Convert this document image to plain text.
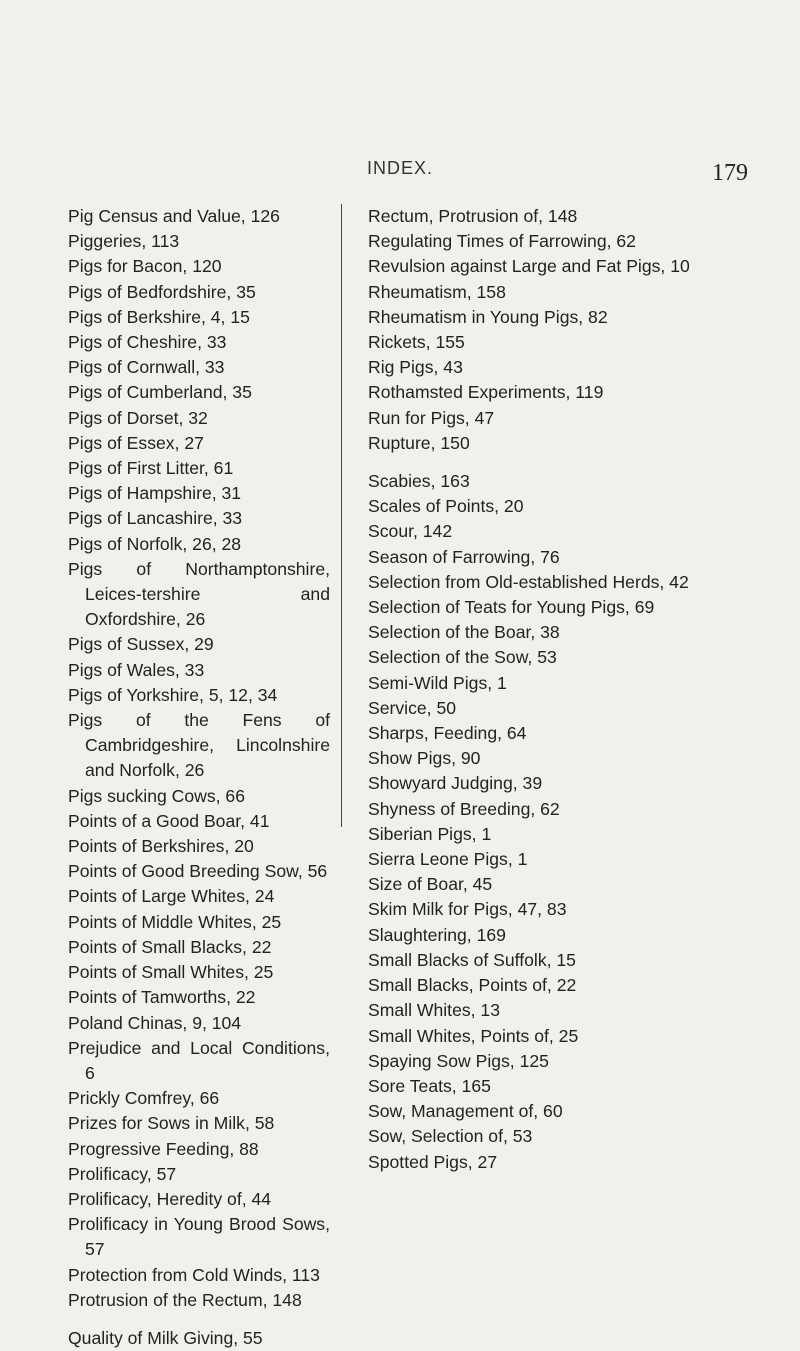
INDEX.	179
Pig Census and Value, 126
Piggeries, 113
Pigs for Bacon, 120
Pigs of Bedfordshire, 35
Pigs of Berkshire, 4, 15
Pigs of Cheshire, 33
Pigs of Cornwall, 33
Pigs of Cumberland, 35
Pigs of Dorset, 32
Pigs of Essex, 27
Pigs of First Litter, 61
Pigs of Hampshire, 31
Pigs of Lancashire, 33
Pigs of Norfolk, 26, 28
Pigs of Northamptonshire, Leices-tershire and Oxfordshire, 26
Pigs of Sussex, 29
Pigs of Wales, 33
Pigs of Yorkshire, 5, 12, 34
Pigs of the Fens of Cambridgeshire, Lincolnshire and Norfolk, 26
Pigs sucking Cows, 66
Points of a Good Boar, 41
Points of Berkshires, 20
Points of Good Breeding Sow, 56
Points of Large Whites, 24
Points of Middle Whites, 25
Points of Small Blacks, 22
Points of Small Whites, 25
Points of Tamworths, 22
Poland Chinas, 9, 104
Prejudice and Local Conditions, 6
Prickly Comfrey, 66
Prizes for Sows in Milk, 58
Progressive Feeding, 88
Prolificacy, 57
Prolificacy, Heredity of, 44
Prolificacy in Young Brood Sows, 57
Protection from Cold Winds, 113
Protrusion of the Rectum, 148
Quality of Milk Giving, 55
Rectum, Protrusion of, 148
Regulating Times of Farrowing, 62
Revulsion against Large and Fat Pigs, 10
Rheumatism, 158
Rheumatism in Young Pigs, 82
Rickets, 155
Rig Pigs, 43
Rothamsted Experiments, 119
Run for Pigs, 47
Rupture, 150
Scabies, 163
Scales of Points, 20
Scour, 142
Season of Farrowing, 76
Selection from Old-established Herds, 42
Selection of Teats for Young Pigs, 69
Selection of the Boar, 38
Selection of the Sow, 53
Semi-Wild Pigs, 1
Service, 50
Sharps, Feeding, 64
Show Pigs, 90
Showyard Judging, 39
Shyness of Breeding, 62
Siberian Pigs, 1
Sierra Leone Pigs, 1
Size of Boar, 45
Skim Milk for Pigs, 47, 83
Slaughtering, 169
Small Blacks of Suffolk, 15
Small Blacks, Points of, 22
Small Whites, 13
Small Whites, Points of, 25
Spaying Sow Pigs, 125
Sore Teats, 165
Sow, Management of, 60
Sow, Selection of, 53
Spotted Pigs, 27
